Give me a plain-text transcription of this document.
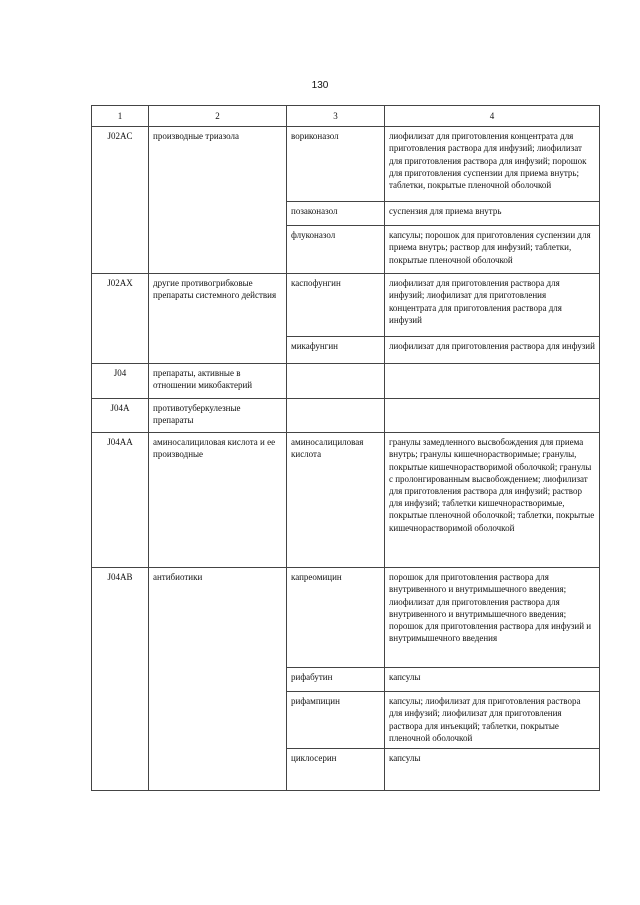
130
1	2	3	4
J02AC	производные триазола	вориконазол	лиофилизат для приготовления концентрата для приготовления раствора для инфузий; лиофилизат для приготовления раствора для инфузий; порошок для приготовления суспензии для приема внутрь; таблетки, покрытые пленочной оболочкой
		позаконазол	суспензия для приема внутрь
		флуконазол	капсулы; порошок для приготовления суспензии для приема внутрь; раствор для инфузий; таблетки, покрытые пленочной оболочкой
J02AX	другие противогрибковые препараты системного действия	каспофунгин	лиофилизат для приготовления раствора для инфузий; лиофилизат для приготовления концентрата для приготовления раствора для инфузий
		микафунгин	лиофилизат для приготовления раствора для инфузий
J04	препараты, активные в отношении микобактерий		
J04A	противотуберкулезные препараты		
J04AA	аминосалициловая кислота и ее производные	аминосалициловая кислота	гранулы замедленного высвобождения для приема внутрь; гранулы кишечнорастворимые; гранулы, покрытые кишечнорастворимой оболочкой; гранулы с пролонгированным высвобождением; лиофилизат для приготовления раствора для инфузий; раствор для инфузий; таблетки кишечнорастворимые, покрытые пленочной оболочкой; таблетки, покрытые кишечнорастворимой оболочкой
J04AB	антибиотики	капреомицин	порошок для приготовления раствора для внутривенного и внутримышечного введения; лиофилизат для приготовления раствора для внутривенного и внутримышечного введения; порошок для приготовления раствора для инфузий и внутримышечного введения
		рифабутин	капсулы
		рифампицин	капсулы; лиофилизат для приготовления раствора для инфузий; лиофилизат для приготовления раствора для инъекций; таблетки, покрытые пленочной оболочкой
		циклосерин	капсулы
